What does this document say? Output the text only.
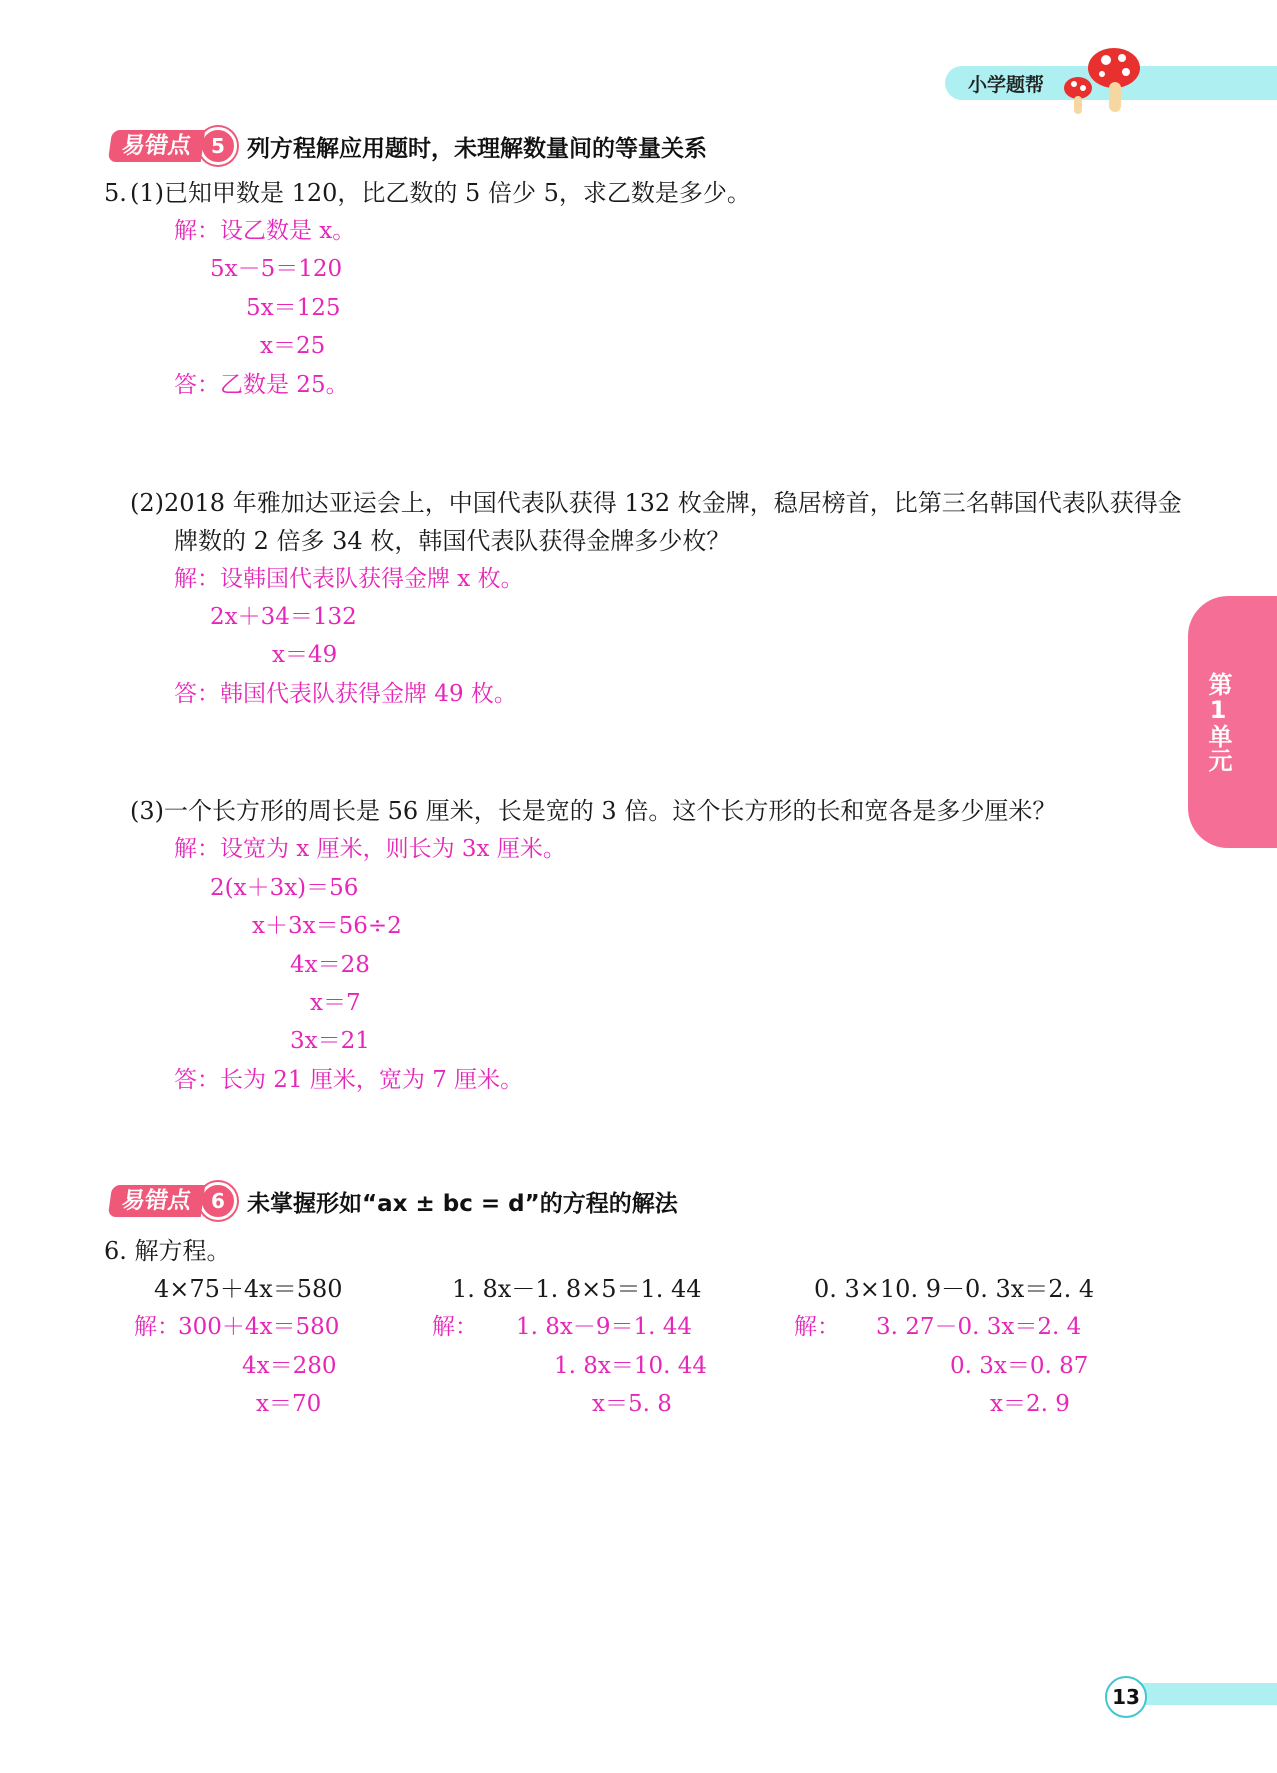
小学题帮
易错点 5 列方程解应用题时，未理解数量间的等量关系
5. (1)已知甲数是 120，比乙数的 5 倍少 5，求乙数是多少。
解：设乙数是 x。
5x－5＝120
5x＝125
x＝25
答：乙数是 25。
(2)2018 年雅加达亚运会上，中国代表队获得 132 枚金牌，稳居榜首，比第三名韩国代表队获得金
牌数的 2 倍多 34 枚，韩国代表队获得金牌多少枚？
解：设韩国代表队获得金牌 x 枚。
2x＋34＝132
x＝49
答：韩国代表队获得金牌 49 枚。
(3)一个长方形的周长是 56 厘米，长是宽的 3 倍。这个长方形的长和宽各是多少厘米？
解：设宽为 x 厘米，则长为 3x 厘米。
2(x＋3x)＝56
x＋3x＝56÷2
4x＝28
x＝7
3x＝21
答：长为 21 厘米，宽为 7 厘米。
易错点 6 未掌握形如“ax ± bc = d”的方程的解法
6. 解方程。
4×75＋4x＝580
解：
300＋4x＝580
4x＝280
x＝70
1. 8x－1. 8×5＝1. 44
解： 1. 8x－9＝1. 44
1. 8x＝10. 44
x＝5. 8
0. 3×10. 9－0. 3x＝2. 4
解： 3. 27－0. 3x＝2. 4
0. 3x＝0. 87
x＝2. 9
第1单元
13
